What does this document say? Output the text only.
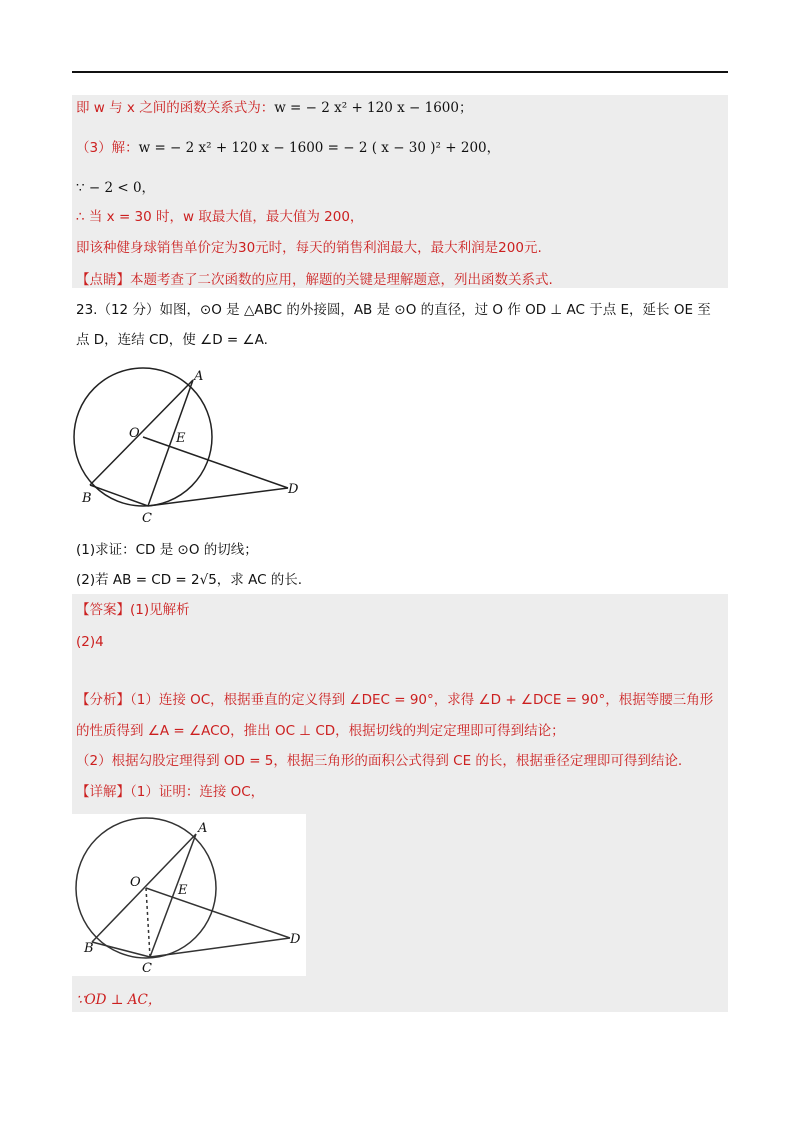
即 w 与 x 之间的函数关系式为：w = − 2 x² + 120 x − 1600；
（3）解：w = − 2 x² + 120 x − 1600 = − 2 ( x − 30 )² + 200，
∵ − 2 < 0，
∴ 当 x = 30 时，w 取最大值，最大值为 200，
即该种健身球销售单价定为30元时，每天的销售利润最大，最大利润是200元.
【点睛】本题考查了二次函数的应用，解题的关键是理解题意，列出函数关系式.
23.（12 分）如图，⊙O 是 △ABC 的外接圆，AB 是 ⊙O 的直径，过 O 作 OD ⊥ AC 于点 E，延长 OE 至
点 D，连结 CD，使 ∠D = ∠A.
A
B
C
D
O	E
(1)求证：CD 是 ⊙O 的切线；
(2)若 AB = CD = 2√5，求 AC 的长.
【答案】(1)见解析
(2)4
【分析】（1）连接 OC，根据垂直的定义得到 ∠DEC = 90°，求得 ∠D + ∠DCE = 90°，根据等腰三角形
的性质得到 ∠A = ∠ACO，推出 OC ⊥ CD，根据切线的判定定理即可得到结论；
（2）根据勾股定理得到 OD = 5，根据三角形的面积公式得到 CE 的长，根据垂径定理即可得到结论.
【详解】（1）证明：连接 OC，
A
B
C
D
O
E
∵OD ⊥ AC，
